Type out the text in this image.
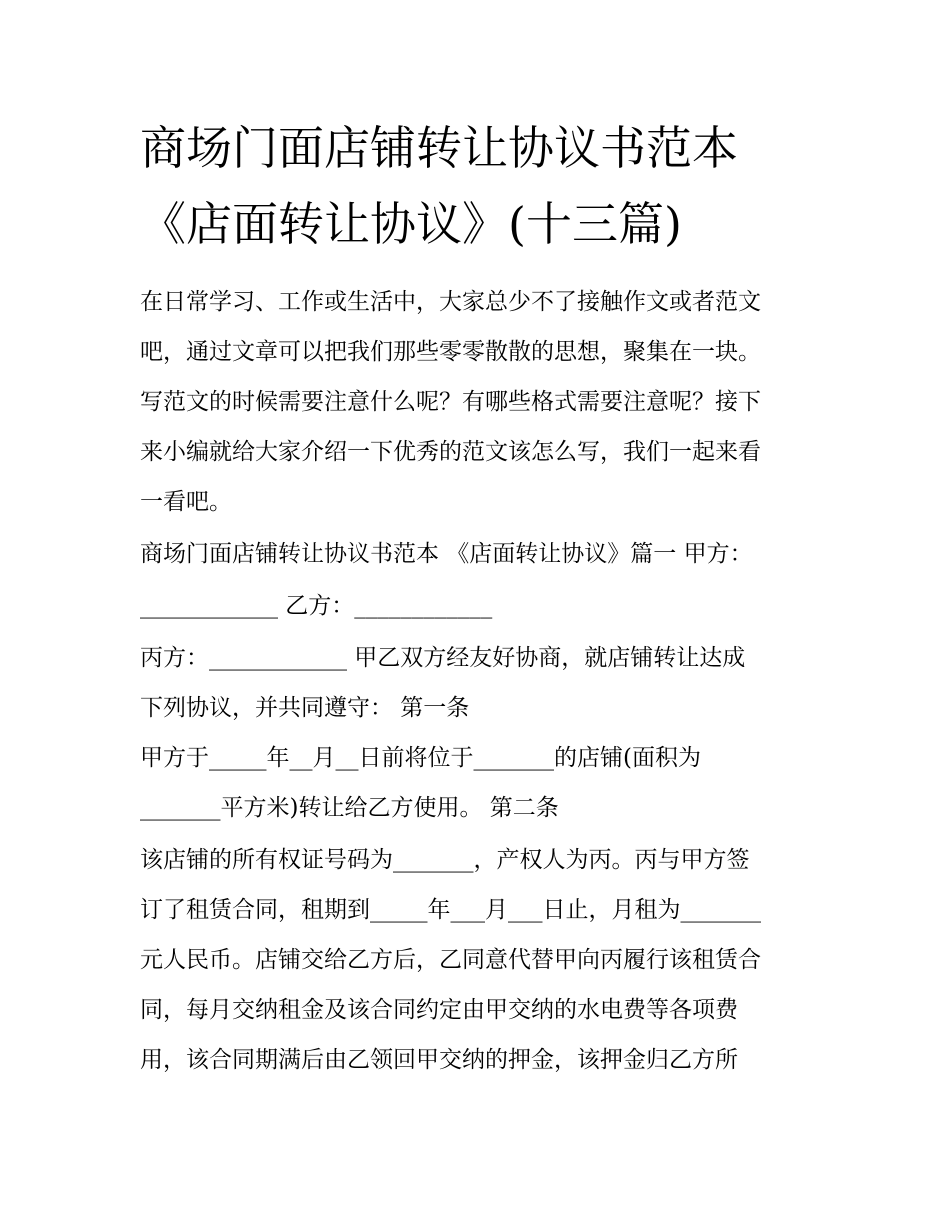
商场门面店铺转让协议书范本
《店面转让协议》(十三篇)

在日常学习、工作或生活中，大家总少不了接触作文或者范文

吧，通过文章可以把我们那些零零散散的思想，聚集在一块。

写范文的时候需要注意什么呢？有哪些格式需要注意呢？接下

来小编就给大家介绍一下优秀的范文该怎么写，我们一起来看

一看吧。

商场门面店铺转让协议书范本 《店面转让协议》篇一 甲方：

____________ 乙方：____________

丙方：____________ 甲乙双方经友好协商，就店铺转让达成

下列协议，并共同遵守： 第一条

甲方于_____年__月__日前将位于_______的店铺(面积为

_______平方米)转让给乙方使用。 第二条

该店铺的所有权证号码为_______，产权人为丙。丙与甲方签

订了租赁合同，租期到_____年___月___日止，月租为_______

元人民币。店铺交给乙方后，乙同意代替甲向丙履行该租赁合

同，每月交纳租金及该合同约定由甲交纳的水电费等各项费

用，该合同期满后由乙领回甲交纳的押金，该押金归乙方所
